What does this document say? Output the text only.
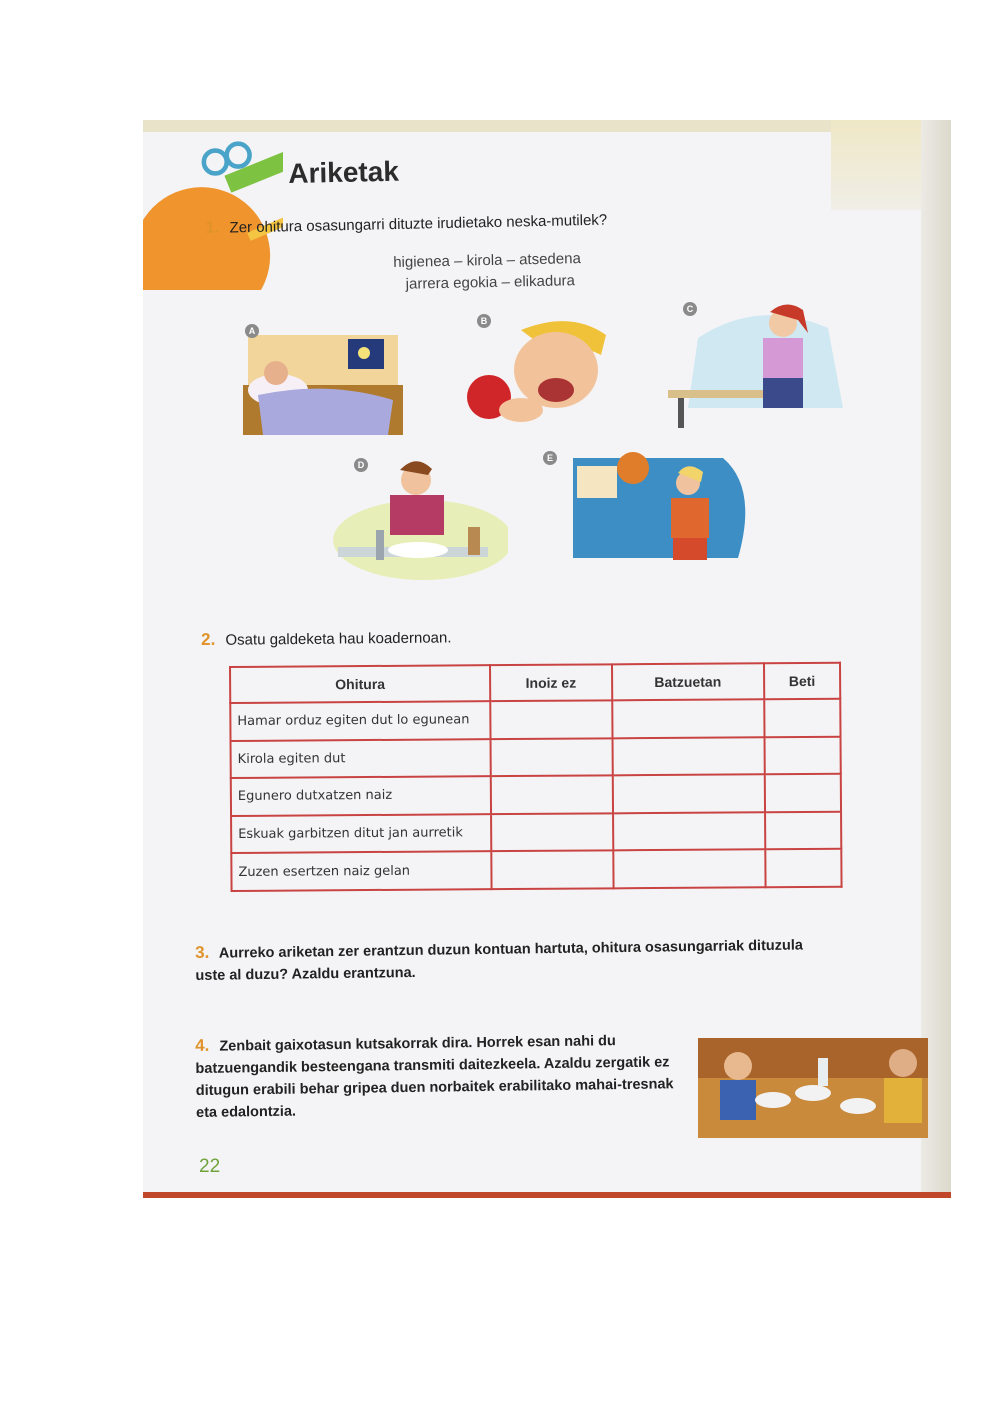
Ariketak
1. Zer ohitura osasungarri dituzte irudietako neska-mutilek?
higienea – kirola – atsedena
jarrera egokia – elikadura
A
B
C
D
E
2. Osatu galdeketa hau koadernoan.
Ohitura	Inoiz ez	Batzuetan	Beti
Hamar orduz egiten dut lo egunean			
Kirola egiten dut			
Egunero dutxatzen naiz			
Eskuak garbitzen ditut jan aurretik			
Zuzen esertzen naiz gelan			
3. Aurreko ariketan zer erantzun duzun kontuan hartuta, ohitura osasungarriak dituzula uste al duzu? Azaldu erantzuna.
4. Zenbait gaixotasun kutsakorrak dira. Horrek esan nahi du batzuengandik besteengana transmiti daitezkeela. Azaldu zergatik ez ditugun erabili behar gripea duen norbaitek erabilitako mahai-tresnak eta edalontzia.
22
